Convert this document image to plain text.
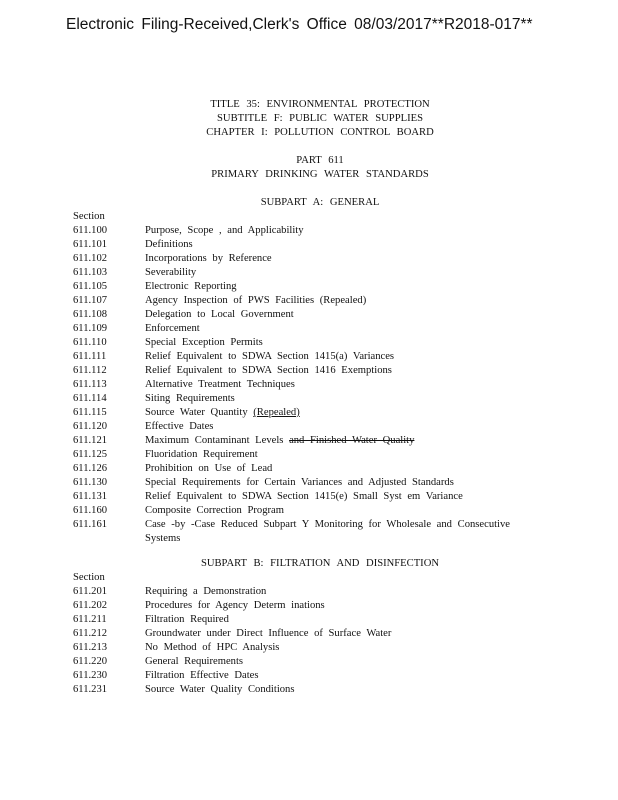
Electronic Filing-Received,Clerk's Office 08/03/2017**R2018-017**
TITLE 35: ENVIRONMENTAL PROTECTION
SUBTITLE F: PUBLIC WATER SUPPLIES
CHAPTER I: POLLUTION CONTROL BOARD
PART 611
PRIMARY DRINKING WATER STANDARDS
SUBPART A: GENERAL
Section
611.100	Purpose, Scope , and Applicability
611.101	Definitions
611.102	Incorporations by Reference
611.103	Severability
611.105	Electronic Reporting
611.107	Agency Inspection of PWS Facilities (Repealed)
611.108	Delegation to Local Government
611.109	Enforcement
611.110	Special Exception Permits
611.111	Relief Equivalent to SDWA Section 1415(a) Variances
611.112	Relief Equivalent to SDWA Section 1416 Exemptions
611.113	Alternative Treatment Techniques
611.114	Siting Requirements
611.115	Source Water Quantity (Repealed)
611.120	Effective Dates
611.121	Maximum Contaminant Levels and Finished Water Quality
611.125	Fluoridation Requirement
611.126	Prohibition on Use of Lead
611.130	Special Requirements for Certain Variances and Adjusted Standards
611.131	Relief Equivalent to SDWA Section 1415(e) Small Syst em Variance
611.160	Composite Correction Program
611.161	Case -by -Case Reduced Subpart Y Monitoring for Wholesale and Consecutive Systems
SUBPART B: FILTRATION AND DISINFECTION
Section
611.201	Requiring a Demonstration
611.202	Procedures for Agency Determ inations
611.211	Filtration Required
611.212	Groundwater under Direct Influence of Surface Water
611.213	No Method of HPC Analysis
611.220	General Requirements
611.230	Filtration Effective Dates
611.231	Source Water Quality Conditions
